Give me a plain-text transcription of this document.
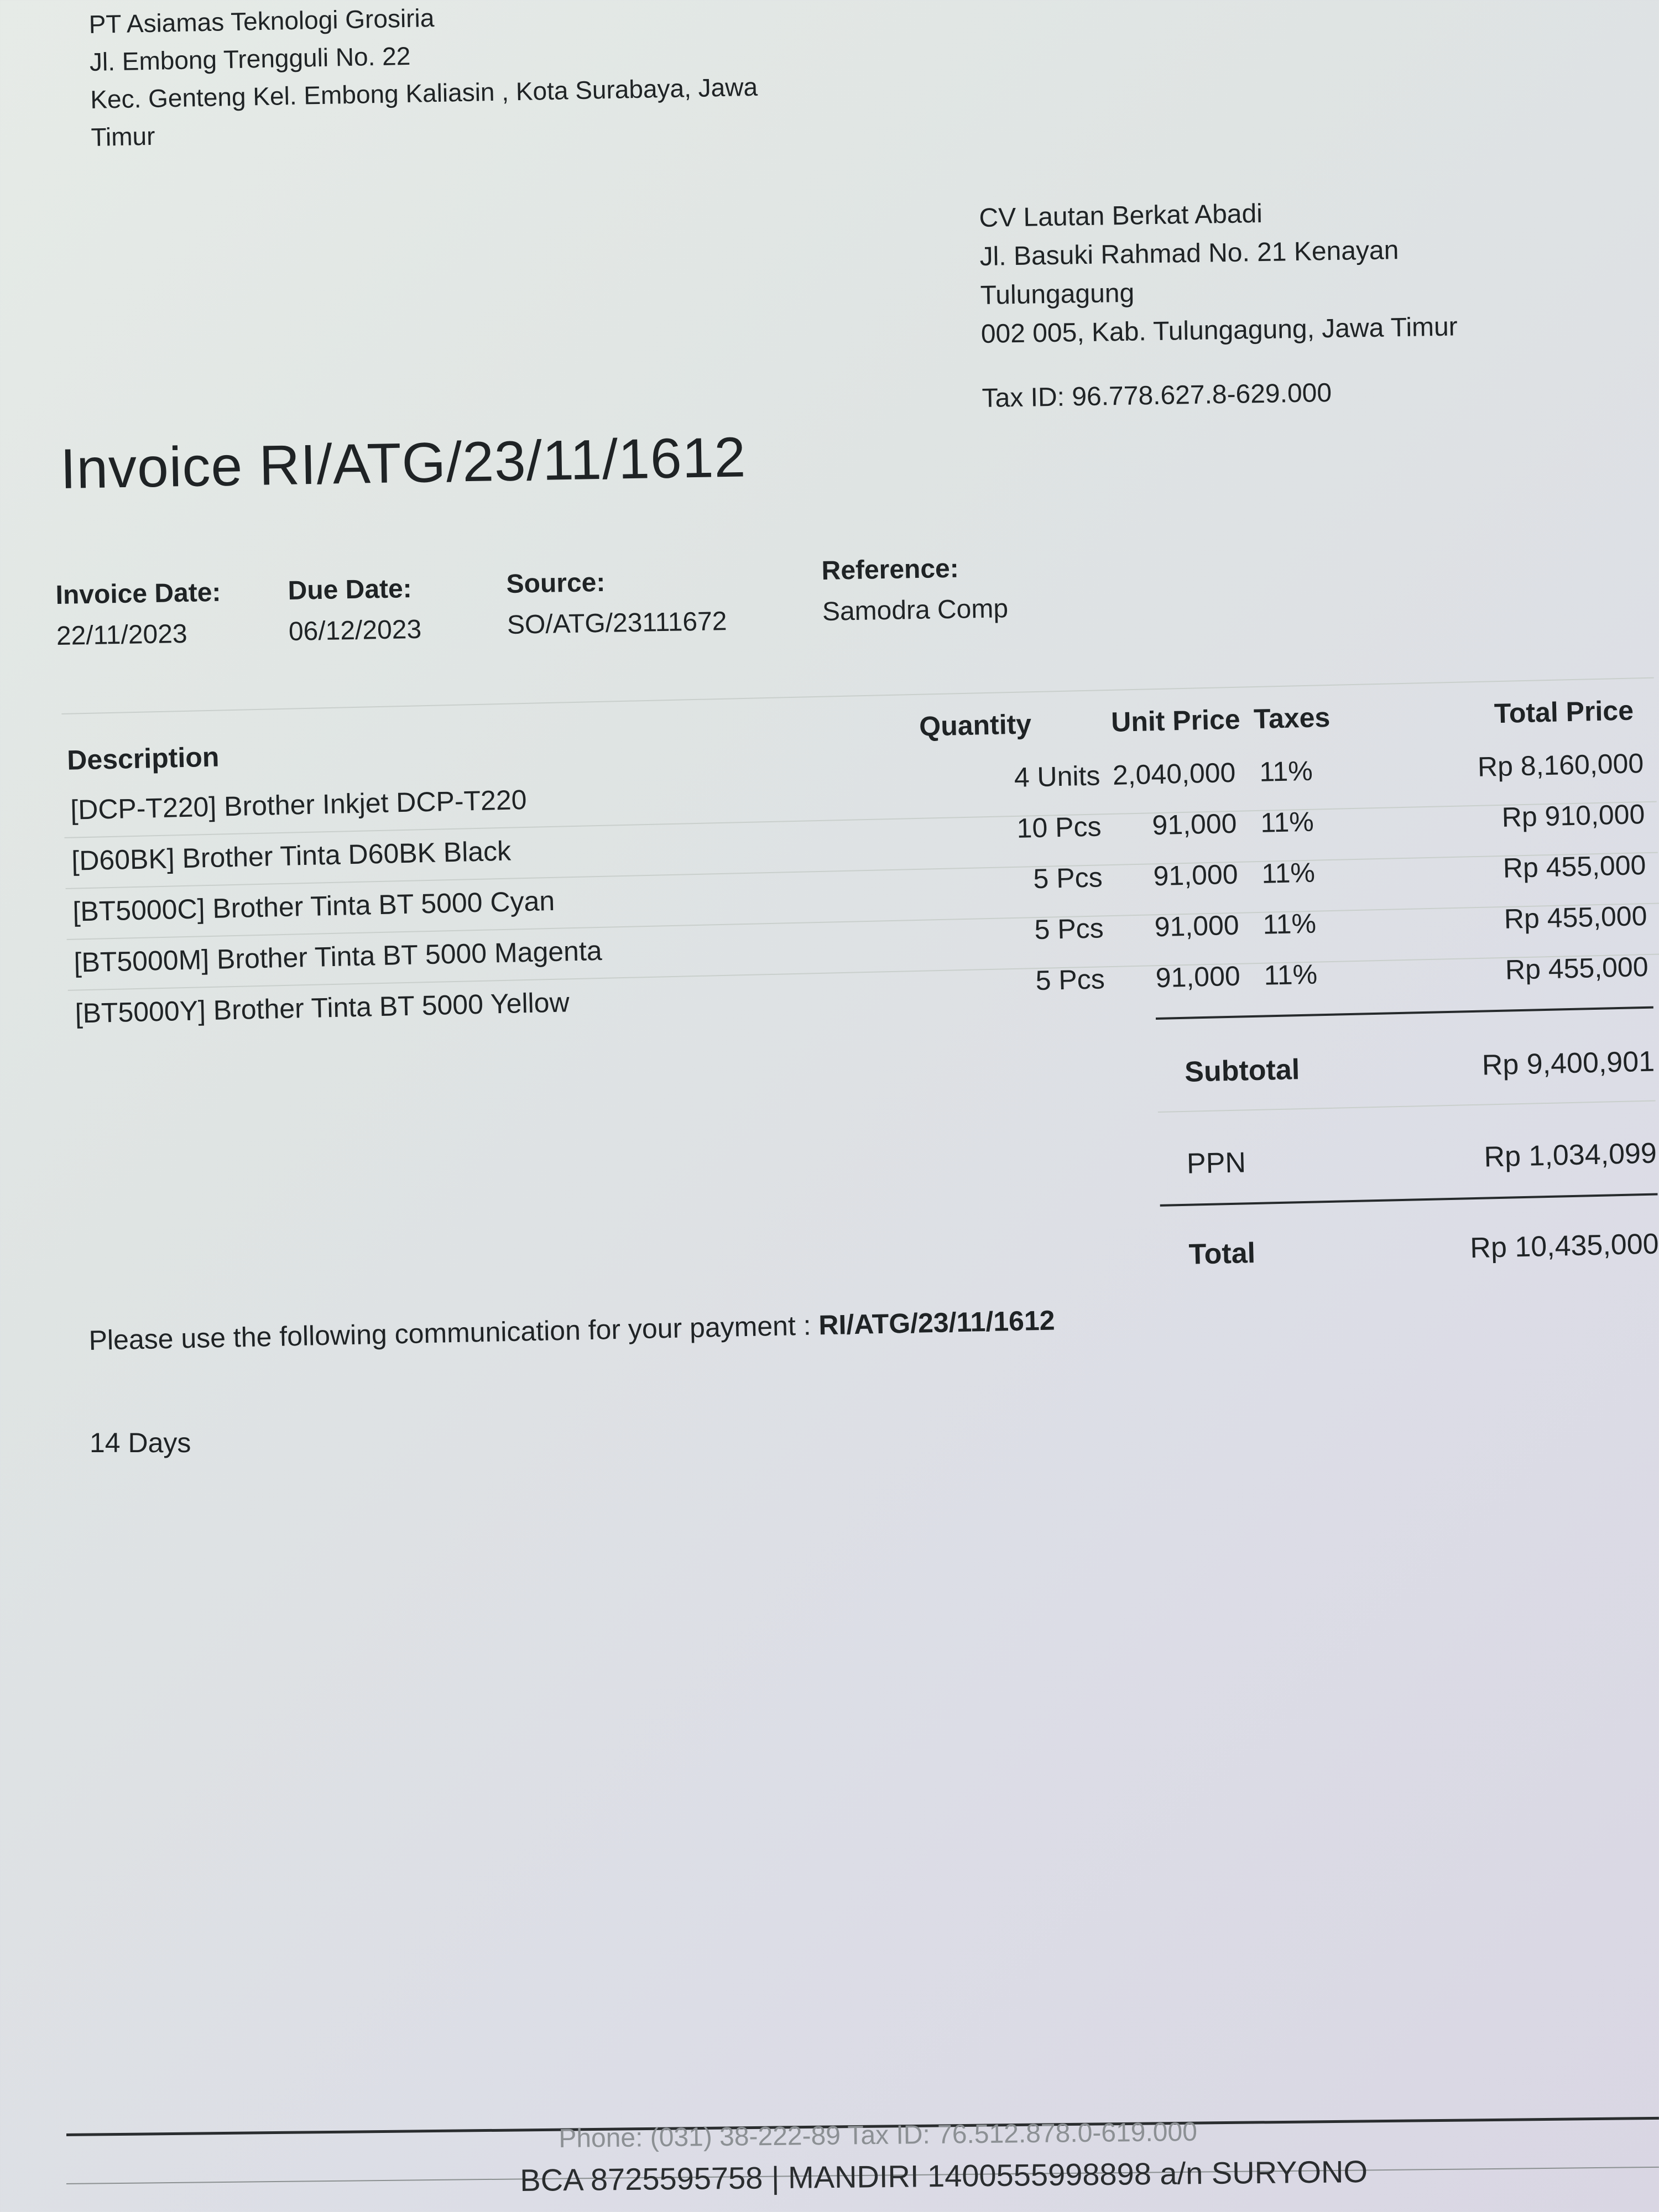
PT Asiamas Teknologi Grosiria
Jl. Embong Trengguli No. 22
Kec. Genteng Kel. Embong Kaliasin , Kota Surabaya, Jawa
Timur
CV Lautan Berkat Abadi
Jl. Basuki Rahmad No. 21 Kenayan
Tulungagung
002 005, Kab. Tulungagung, Jawa Timur
Tax ID: 96.778.627.8-629.000
Invoice RI/ATG/23/11/1612
Invoice Date:
22/11/2023
Due Date:
06/12/2023
Source:
SO/ATG/23111672
Reference:
Samodra Comp
Description
Quantity	Unit Price Taxes	Total Price
[DCP-T220] Brother Inkjet DCP-T220
4 Units 2,040,000 11%	Rp 8,160,000
[D60BK] Brother Tinta D60BK Black
10 Pcs 91,000 11%	Rp 910,000
[BT5000C] Brother Tinta BT 5000 Cyan
5 Pcs 91,000 11%	Rp 455,000
[BT5000M] Brother Tinta BT 5000 Magenta
5 Pcs 91,000 11%	Rp 455,000
[BT5000Y] Brother Tinta BT 5000 Yellow
5 Pcs 91,000 11%	Rp 455,000
Subtotal	Rp 9,400,901
PPN	Rp 1,034,099
Total	Rp 10,435,000
Please use the following communication for your payment : RI/ATG/23/11/1612
14 Days
Phone: (031) 38-222-89 Tax ID: 76.512.878.0-619.000
BCA 8725595758 | MANDIRI 1400555998898 a/n SURYONO
